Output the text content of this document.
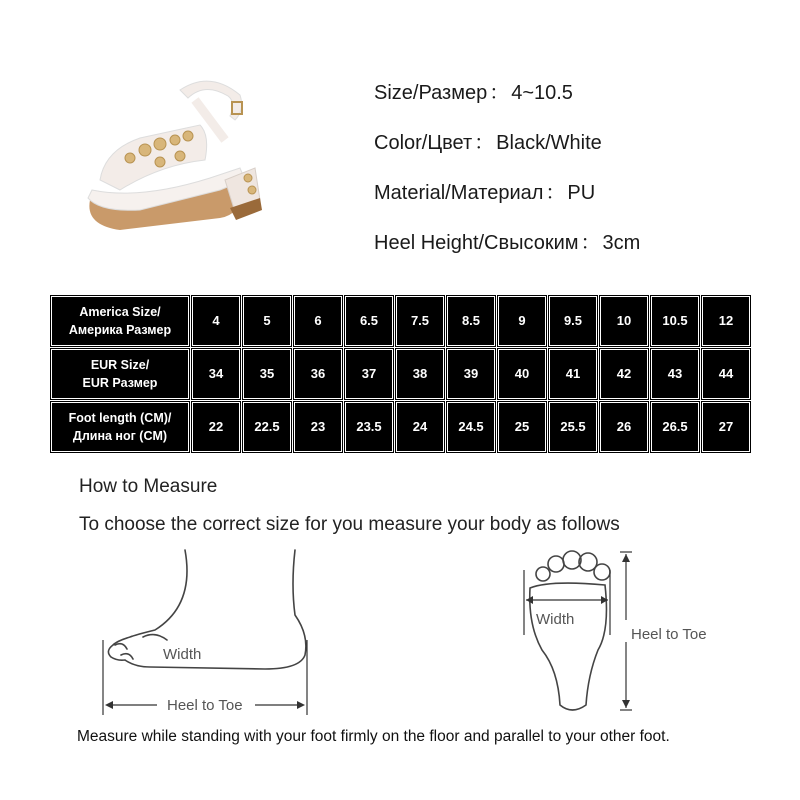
Size/Размер ： 4~10.5
Color/Цвет ： Black/White
Material/Материал ： PU
Heel Height/Свысоким ： 3cm
America Size/
Америка Размер
4	5	6	6.5	7.5	8.5	9	9.5	10	10.5	12
EUR Size/
EUR Размер
34	35	36	37	38	39	40	41	42	43	44
Foot length (CM)/
Длина ног (CM)
22	22.5	23	23.5	24	24.5	25	25.5	26	26.5	27
How to Measure
To choose the correct size for you measure your body as follows
Width
Heel to Toe
Width
Heel to Toe
Measure while standing with your foot firmly on the floor and parallel to your other foot.
